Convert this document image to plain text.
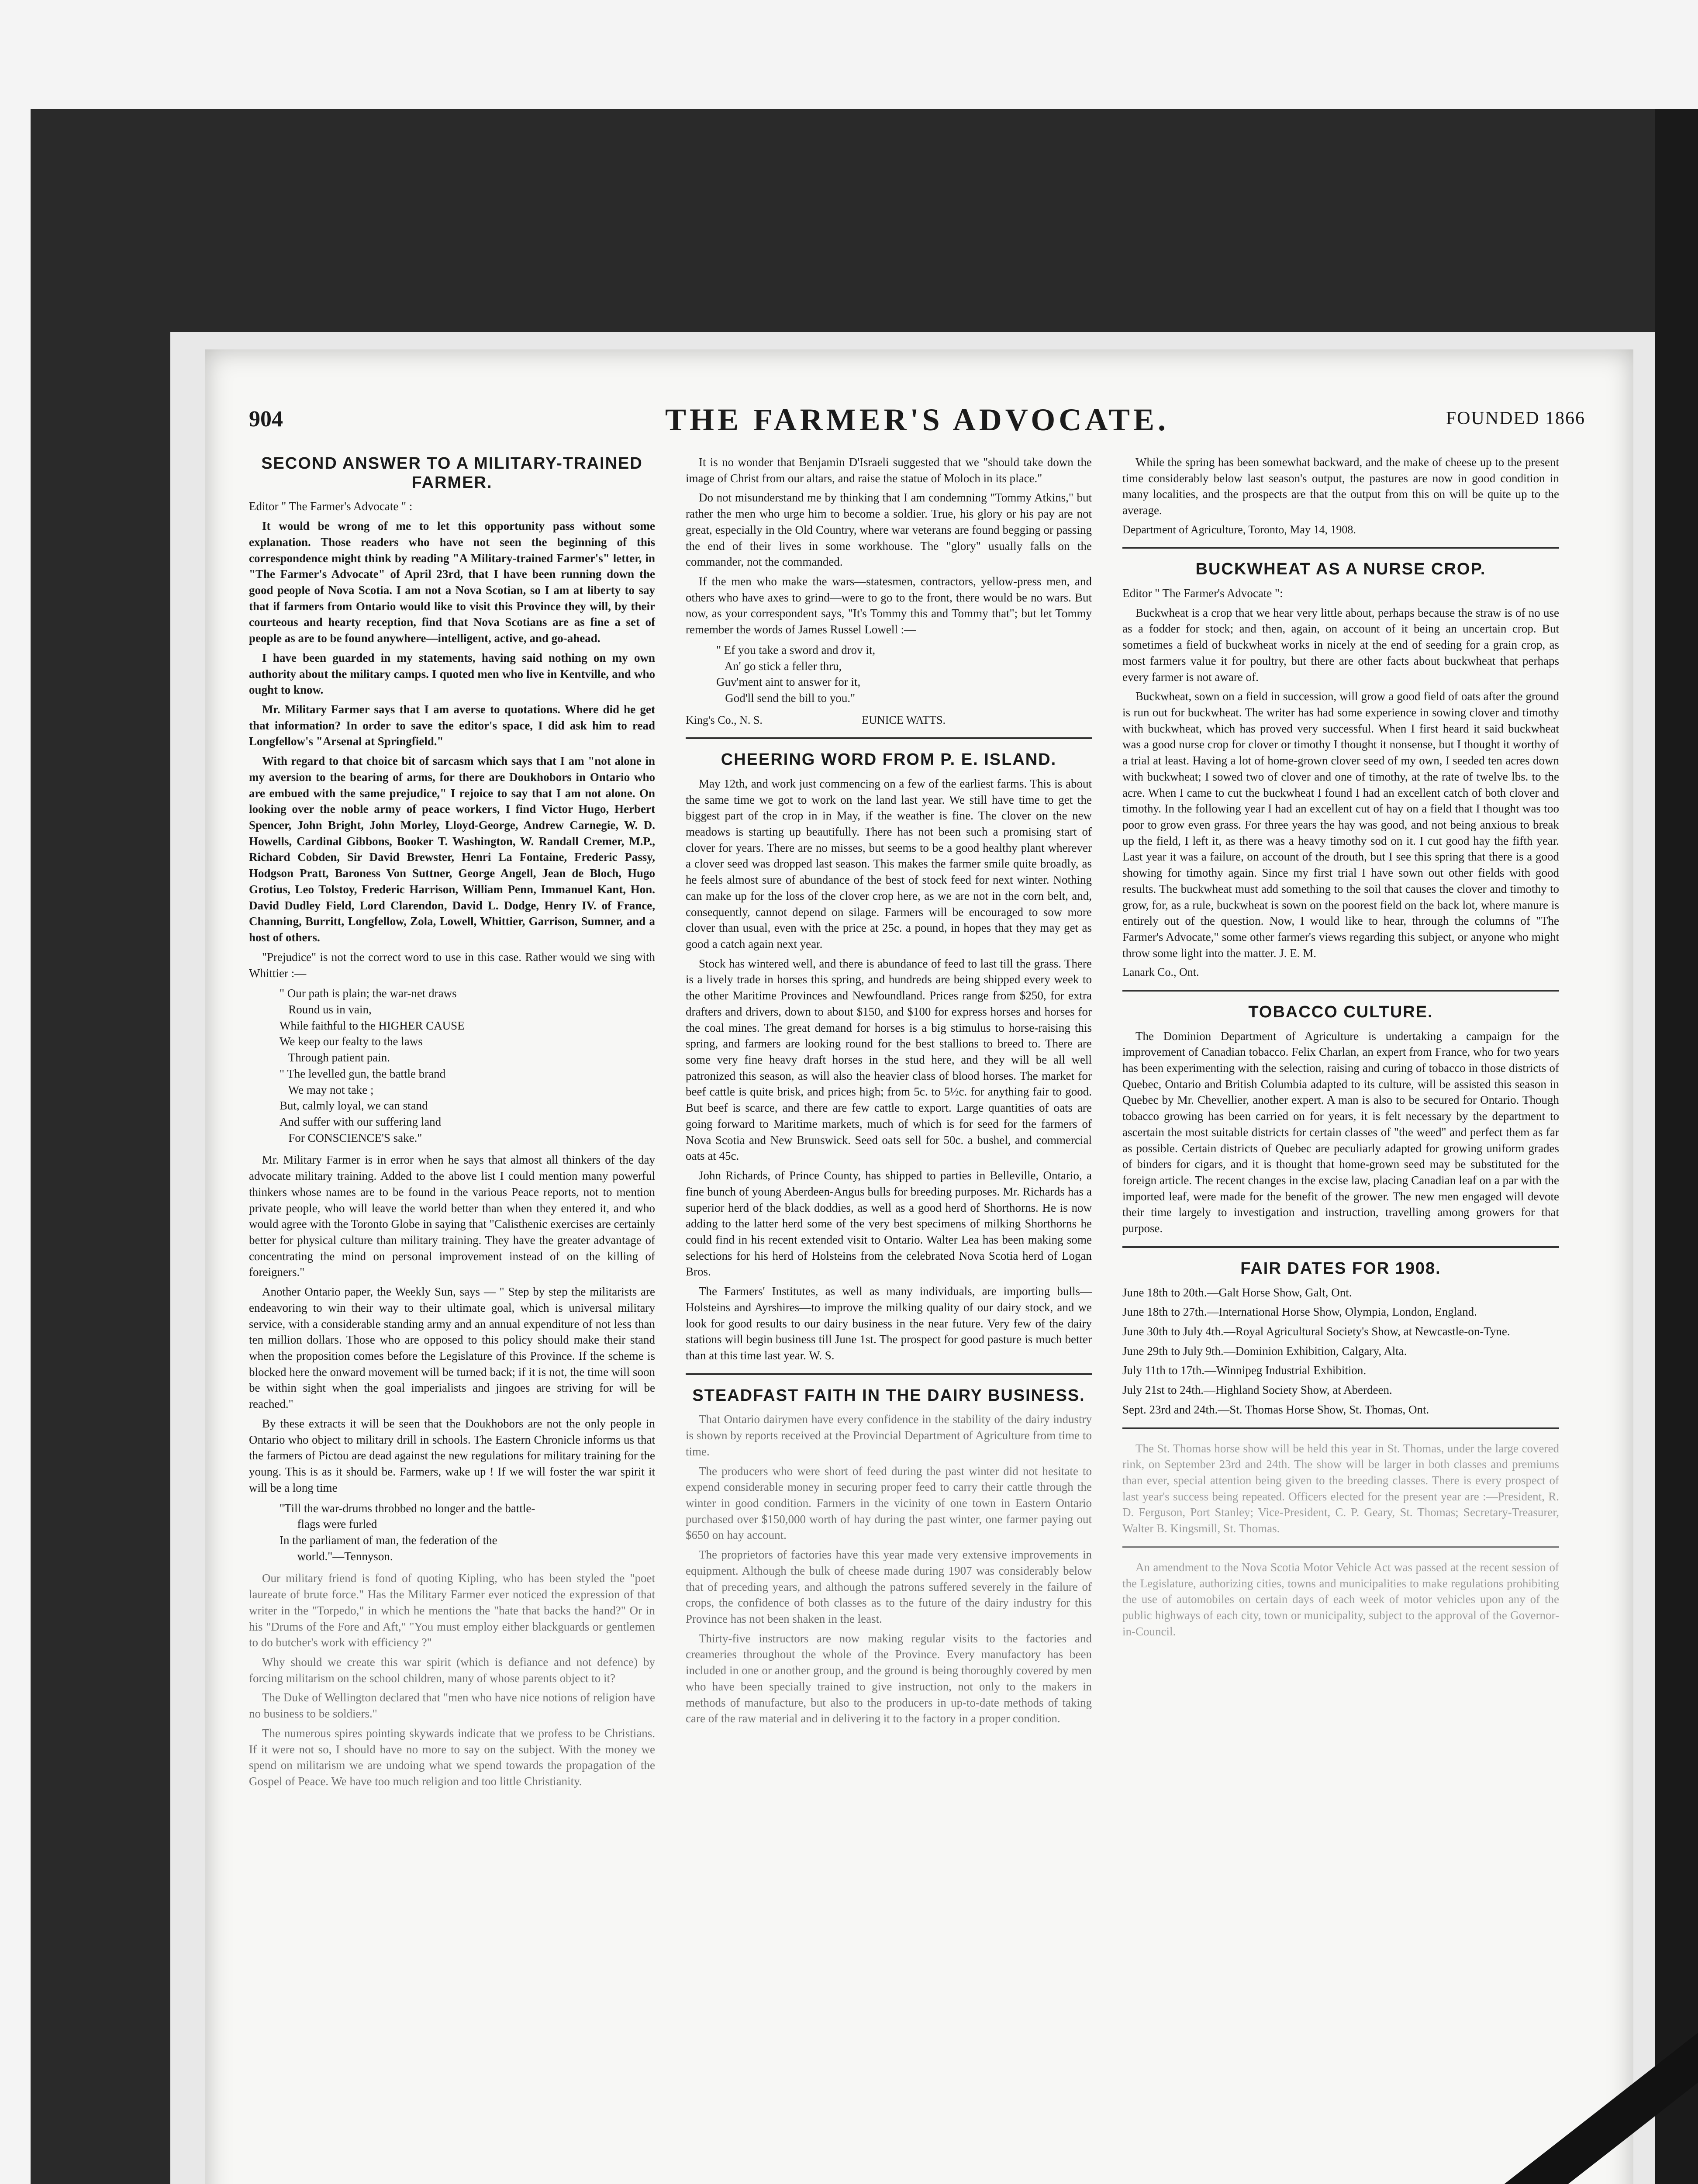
904	THE FARMER'S ADVOCATE.	FOUNDED 1866
SECOND ANSWER TO A MILITARY-TRAINED FARMER.

Editor " The Farmer's Advocate " :

It would be wrong of me to let this opportunity pass without some explanation. Those readers who have not seen the beginning of this correspondence might think by reading "A Military-trained Farmer's" letter, in "The Farmer's Advocate" of April 23rd, that I have been running down the good people of Nova Scotia. I am not a Nova Scotian, so I am at liberty to say that if farmers from Ontario would like to visit this Province they will, by their courteous and hearty reception, find that Nova Scotians are as fine a set of people as are to be found anywhere—intelligent, active, and go-ahead.

I have been guarded in my statements, having said nothing on my own authority about the military camps. I quoted men who live in Kentville, and who ought to know.

Mr. Military Farmer says that I am averse to quotations. Where did he get that information? In order to save the editor's space, I did ask him to read Longfellow's "Arsenal at Springfield."

With regard to that choice bit of sarcasm which says that I am "not alone in my aversion to the bearing of arms, for there are Doukhobors in Ontario who are embued with the same prejudice," I rejoice to say that I am not alone. On looking over the noble army of peace workers, I find Victor Hugo, Herbert Spencer, John Bright, John Morley, Lloyd-George, Andrew Carnegie, W. D. Howells, Cardinal Gibbons, Booker T. Washington, W. Randall Cremer, M.P., Richard Cobden, Sir David Brewster, Henri La Fontaine, Frederic Passy, Hodgson Pratt, Baroness Von Suttner, George Angell, Jean de Bloch, Hugo Grotius, Leo Tolstoy, Frederic Harrison, William Penn, Immanuel Kant, Hon. David Dudley Field, Lord Clarendon, David L. Dodge, Henry IV. of France, Channing, Burritt, Longfellow, Zola, Lowell, Whittier, Garrison, Sumner, and a host of others.

"Prejudice" is not the correct word to use in this case. Rather would we sing with Whittier :—

" Our path is plain; the war-net draws
Round us in vain,
While faithful to the HIGHER CAUSE
We keep our fealty to the laws
Through patient pain.
" The levelled gun, the battle brand
We may not take ;
But, calmly loyal, we can stand
And suffer with our suffering land
For CONSCIENCE'S sake."

Mr. Military Farmer is in error when he says that almost all thinkers of the day advocate military training. Added to the above list I could mention many powerful thinkers whose names are to be found in the various Peace reports, not to mention private people, who will leave the world better than when they entered it, and who would agree with the Toronto Globe in saying that "Calisthenic exercises are certainly better for physical culture than military training. They have the greater advantage of concentrating the mind on personal improvement instead of on the killing of foreigners."

Another Ontario paper, the Weekly Sun, says — " Step by step the militarists are endeavoring to win their way to their ultimate goal, which is universal military service, with a considerable standing army and an annual expenditure of not less than ten million dollars. Those who are opposed to this policy should make their stand when the proposition comes before the Legislature of this Province. If the scheme is blocked here the onward movement will be turned back; if it is not, the time will soon be within sight when the goal imperialists and jingoes are striving for will be reached."

By these extracts it will be seen that the Doukhobors are not the only people in Ontario who object to military drill in schools. The Eastern Chronicle informs us that the farmers of Pictou are dead against the new regulations for military training for the young. This is as it should be. Farmers, wake up ! If we will foster the war spirit it will be a long time

"Till the war-drums throbbed no longer and the battle-
flags were furled
In the parliament of man, the federation of the
world."—Tennyson.

Our military friend is fond of quoting Kipling, who has been styled the "poet laureate of brute force." Has the Military Farmer ever noticed the expression of that writer in the "Torpedo," in which he mentions the "hate that backs the hand?" Or in his "Drums of the Fore and Aft," "You must employ either blackguards or gentlemen to do butcher's work with efficiency ?"

Why should we create this war spirit (which is defiance and not defence) by forcing militarism on the school children, many of whose parents object to it?

The Duke of Wellington declared that "men who have nice notions of religion have no business to be soldiers."

The numerous spires pointing skywards indicate that we profess to be Christians. If it were not so, I should have no more to say on the subject. With the money we spend on militarism we are undoing what we spend towards the propagation of the Gospel of Peace. We have too much religion and too little Christianity.

It is no wonder that Benjamin D'Israeli suggested that we "should take down the image of Christ from our altars, and raise the statue of Moloch in its place."

Do not misunderstand me by thinking that I am condemning "Tommy Atkins," but rather the men who urge him to become a soldier. True, his glory or his pay are not great, especially in the Old Country, where war veterans are found begging or passing the end of their lives in some workhouse. The "glory" usually falls on the commander, not the commanded.

If the men who make the wars—statesmen, contractors, yellow-press men, and others who have axes to grind—were to go to the front, there would be no wars. But now, as your correspondent says, "It's Tommy this and Tommy that"; but let Tommy remember the words of James Russel Lowell :—

" Ef you take a sword and drov it,
An' go stick a feller thru,
Guv'ment aint to answer for it,
God'll send the bill to you."

King's Co., N. S.                                   EUNICE WATTS.

CHEERING WORD FROM P. E. ISLAND.

May 12th, and work just commencing on a few of the earliest farms. This is about the same time we got to work on the land last year. We still have time to get the biggest part of the crop in in May, if the weather is fine. The clover on the new meadows is starting up beautifully. There has not been such a promising start of clover for years. There are no misses, but seems to be a good healthy plant wherever a clover seed was dropped last season. This makes the farmer smile quite broadly, as he feels almost sure of abundance of the best of stock feed for next winter. Nothing can make up for the loss of the clover crop here, as we are not in the corn belt, and, consequently, cannot depend on silage. Farmers will be encouraged to sow more clover than usual, even with the price at 25c. a pound, in hopes that they may get as good a catch again next year.

Stock has wintered well, and there is abundance of feed to last till the grass. There is a lively trade in horses this spring, and hundreds are being shipped every week to the other Maritime Provinces and Newfoundland. Prices range from $250, for extra drafters and drivers, down to about $150, and $100 for express horses and horses for the coal mines. The great demand for horses is a big stimulus to horse-raising this spring, and farmers are looking round for the best stallions to breed to. There are some very fine heavy draft horses in the stud here, and they will be all well patronized this season, as will also the heavier class of blood horses. The market for beef cattle is quite brisk, and prices high; from 5c. to 5½c. for anything fair to good. But beef is scarce, and there are few cattle to export. Large quantities of oats are going forward to Maritime markets, much of which is for seed for the farmers of Nova Scotia and New Brunswick. Seed oats sell for 50c. a bushel, and commercial oats at 45c.

John Richards, of Prince County, has shipped to parties in Belleville, Ontario, a fine bunch of young Aberdeen-Angus bulls for breeding purposes. Mr. Richards has a superior herd of the black doddies, as well as a good herd of Shorthorns. He is now adding to the latter herd some of the very best specimens of milking Shorthorns he could find in his recent extended visit to Ontario. Walter Lea has been making some selections for his herd of Holsteins from the celebrated Nova Scotia herd of Logan Bros.

The Farmers' Institutes, as well as many individuals, are importing bulls—Holsteins and Ayrshires—to improve the milking quality of our dairy stock, and we look for good results to our dairy business in the near future. Very few of the dairy stations will begin business till June 1st. The prospect for good pasture is much better than at this time last year. W. S.

STEADFAST FAITH IN THE DAIRY BUSINESS.

That Ontario dairymen have every confidence in the stability of the dairy industry is shown by reports received at the Provincial Department of Agriculture from time to time.

The producers who were short of feed during the past winter did not hesitate to expend considerable money in securing proper feed to carry their cattle through the winter in good condition. Farmers in the vicinity of one town in Eastern Ontario purchased over $150,000 worth of hay during the past winter, one farmer paying out $650 on hay account.

The proprietors of factories have this year made very extensive improvements in equipment. Although the bulk of cheese made during 1907 was considerably below that of preceding years, and although the patrons suffered severely in the failure of crops, the confidence of both classes as to the future of the dairy industry for this Province has not been shaken in the least.

Thirty-five instructors are now making regular visits to the factories and creameries throughout the whole of the Province. Every manufactory has been included in one or another group, and the ground is being thoroughly covered by men who have been specially trained to give instruction, not only to the makers in methods of manufacture, but also to the producers in up-to-date methods of taking care of the raw material and in delivering it to the factory in a proper condition.

While the spring has been somewhat backward, and the make of cheese up to the present time considerably below last season's output, the pastures are now in good condition in many localities, and the prospects are that the output from this on will be quite up to the average.

Department of Agriculture, Toronto, May 14, 1908.

BUCKWHEAT AS A NURSE CROP.

Editor " The Farmer's Advocate ":

Buckwheat is a crop that we hear very little about, perhaps because the straw is of no use as a fodder for stock; and then, again, on account of it being an uncertain crop. But sometimes a field of buckwheat works in nicely at the end of seeding for a grain crop, as most farmers value it for poultry, but there are other facts about buckwheat that perhaps every farmer is not aware of.

Buckwheat, sown on a field in succession, will grow a good field of oats after the ground is run out for buckwheat. The writer has had some experience in sowing clover and timothy with buckwheat, which has proved very successful. When I first heard it said buckwheat was a good nurse crop for clover or timothy I thought it nonsense, but I thought it worthy of a trial at least. Having a lot of home-grown clover seed of my own, I seeded ten acres down with buckwheat; I sowed two of clover and one of timothy, at the rate of twelve lbs. to the acre. When I came to cut the buckwheat I found I had an excellent catch of both clover and timothy. In the following year I had an excellent cut of hay on a field that I thought was too poor to grow even grass. For three years the hay was good, and not being anxious to break up the field, I left it, as there was a heavy timothy sod on it. I cut good hay the fifth year. Last year it was a failure, on account of the drouth, but I see this spring that there is a good showing for timothy again. Since my first trial I have sown out other fields with good results. The buckwheat must add something to the soil that causes the clover and timothy to grow, for, as a rule, buckwheat is sown on the poorest field on the back lot, where manure is entirely out of the question. Now, I would like to hear, through the columns of "The Farmer's Advocate," some other farmer's views regarding this subject, or anyone who might throw some light into the matter. J. E. M.

Lanark Co., Ont.

TOBACCO CULTURE.

The Dominion Department of Agriculture is undertaking a campaign for the improvement of Canadian tobacco. Felix Charlan, an expert from France, who for two years has been experimenting with the selection, raising and curing of tobacco in those districts of Quebec, Ontario and British Columbia adapted to its culture, will be assisted this season in Quebec by Mr. Chevellier, another expert. A man is also to be secured for Ontario. Though tobacco growing has been carried on for years, it is felt necessary by the department to ascertain the most suitable districts for certain classes of "the weed" and perfect them as far as possible. Certain districts of Quebec are peculiarly adapted for growing uniform grades of binders for cigars, and it is thought that home-grown seed may be substituted for the foreign article. The recent changes in the excise law, placing Canadian leaf on a par with the imported leaf, were made for the benefit of the grower. The new men engaged will devote their time largely to investigation and instruction, travelling among growers for that purpose.

FAIR DATES FOR 1908.

June 18th to 20th.—Galt Horse Show, Galt, Ont.

June 18th to 27th.—International Horse Show, Olympia, London, England.

June 30th to July 4th.—Royal Agricultural Society's Show, at Newcastle-on-Tyne.

June 29th to July 9th.—Dominion Exhibition, Calgary, Alta.

July 11th to 17th.—Winnipeg Industrial Exhibition.

July 21st to 24th.—Highland Society Show, at Aberdeen.

Sept. 23rd and 24th.—St. Thomas Horse Show, St. Thomas, Ont.

The St. Thomas horse show will be held this year in St. Thomas, under the large covered rink, on September 23rd and 24th. The show will be larger in both classes and premiums than ever, special attention being given to the breeding classes. There is every prospect of last year's success being repeated. Officers elected for the present year are :—President, R. D. Ferguson, Port Stanley; Vice-President, C. P. Geary, St. Thomas; Secretary-Treasurer, Walter B. Kingsmill, St. Thomas.

An amendment to the Nova Scotia Motor Vehicle Act was passed at the recent session of the Legislature, authorizing cities, towns and municipalities to make regulations prohibiting the use of automobiles on certain days of each week of motor vehicles upon any of the public highways of each city, town or municipality, subject to the approval of the Governor-in-Council.
